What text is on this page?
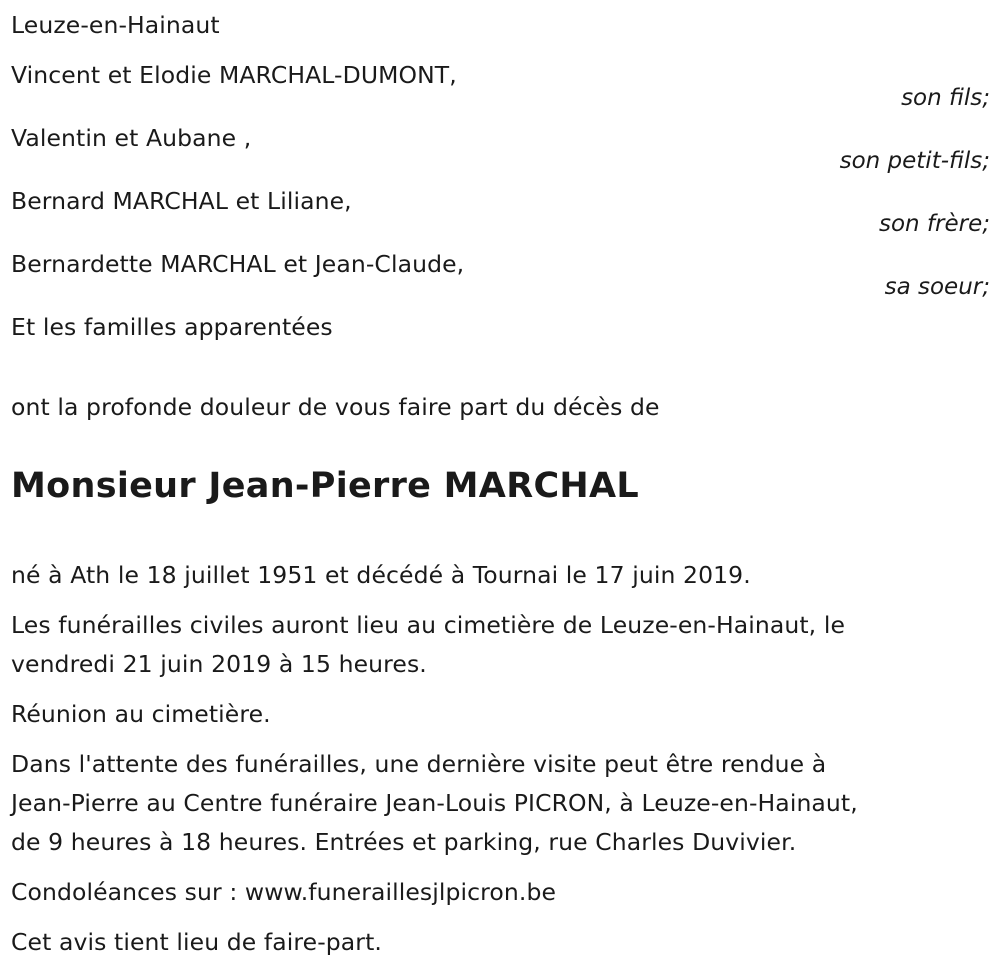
Leuze-en-Hainaut
Vincent et Elodie MARCHAL-DUMONT,
son fils;
Valentin et Aubane ,
son petit-fils;
Bernard MARCHAL et Liliane,
son frère;
Bernardette MARCHAL et Jean-Claude,
sa soeur;
Et les familles apparentées
ont la profonde douleur de vous faire part du décès de
Monsieur Jean-Pierre MARCHAL
né à Ath le 18 juillet 1951 et décédé à Tournai le 17 juin 2019.
Les funérailles civiles auront lieu au cimetière de Leuze-en-Hainaut, le
vendredi 21 juin 2019 à 15 heures.
Réunion au cimetière.
Dans l'attente des funérailles, une dernière visite peut être rendue à
Jean-Pierre au Centre funéraire Jean-Louis PICRON, à Leuze-en-Hainaut,
de 9 heures à 18 heures. Entrées et parking, rue Charles Duvivier.
Condoléances sur : www.funeraillesjlpicron.be
Cet avis tient lieu de faire-part.
